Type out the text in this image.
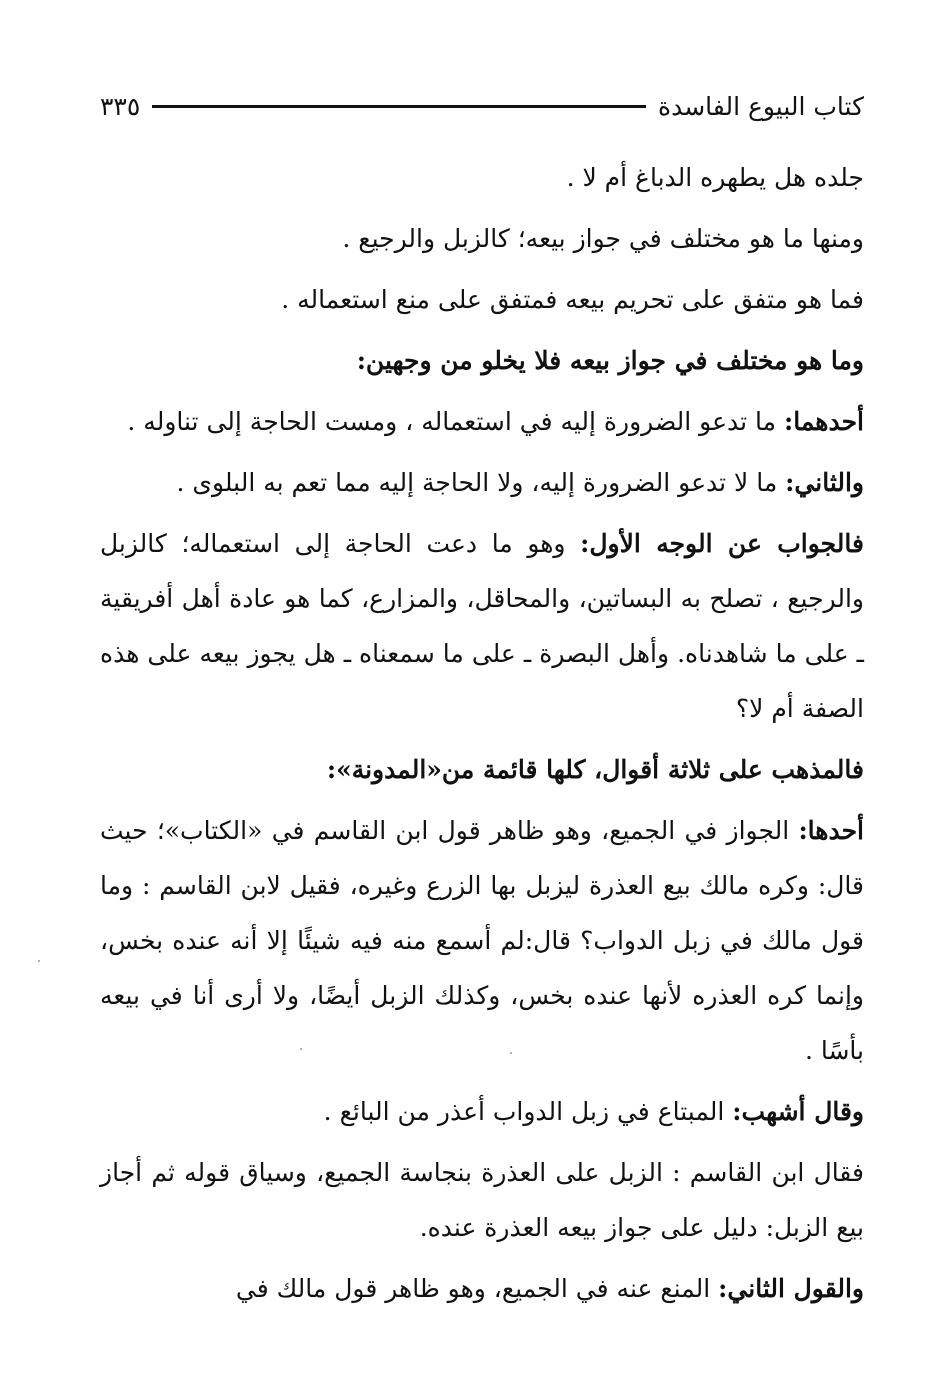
كتاب البيوع الفاسدة
٣٣٥

جلده هل يطهره الدباغ أم لا .

ومنها ما هو مختلف في جواز بيعه؛ كالزبل والرجيع .

فما هو متفق على تحريم بيعه فمتفق على منع استعماله .

وما هو مختلف في جواز بيعه فلا يخلو من وجهين:

أحدهما: ما تدعو الضرورة إليه في استعماله ، ومست الحاجة إلى تناوله .

والثاني: ما لا تدعو الضرورة إليه، ولا الحاجة إليه مما تعم به البلوى .

فالجواب عن الوجه الأول: وهو ما دعت الحاجة إلى استعماله؛ كالزبل والرجيع ، تصلح به البساتين، والمحاقل، والمزارع، كما هو عادة أهل أفريقية ـ على ما شاهدناه. وأهل البصرة ـ على ما سمعناه ـ هل يجوز بيعه على هذه الصفة أم لا؟

فالمذهب على ثلاثة أقوال، كلها قائمة من«المدونة»:

أحدها: الجواز في الجميع، وهو ظاهر قول ابن القاسم في «الكتاب»؛ حيث قال: وكره مالك بيع العذرة ليزبل بها الزرع وغيره، فقيل لابن القاسم : وما قول مالك في زبل الدواب؟ قال:لم أسمع منه فيه شيئًا إلا أنه عنده بخس، وإنما كره العذره لأنها عنده بخس، وكذلك الزبل أيضًا، ولا أرى أنا في بيعه بأسًا .

وقال أشهب: المبتاع في زبل الدواب أعذر من البائع .

فقال ابن القاسم : الزبل على العذرة بنجاسة الجميع، وسياق قوله ثم أجاز بيع الزبل: دليل على جواز بيعه العذرة عنده.

والقول الثاني: المنع عنه في الجميع، وهو ظاهر قول مالك في
